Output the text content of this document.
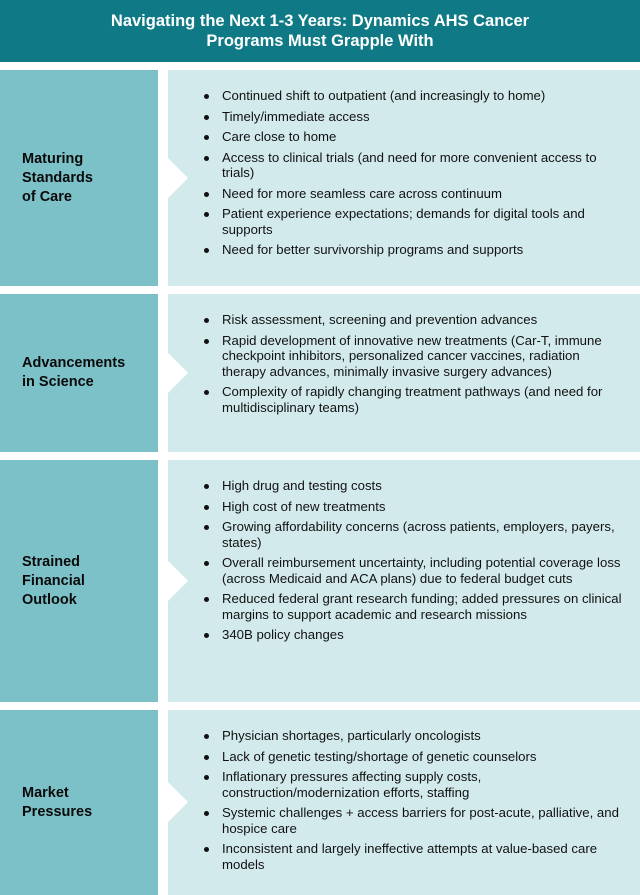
Navigating the Next 1-3 Years: Dynamics AHS Cancer
Programs Must Grapple With
Maturing
Standards
of Care
Continued shift to outpatient (and increasingly to home)
Timely/immediate access
Care close to home
Access to clinical trials (and need for more convenient access to trials)
Need for more seamless care across continuum
Patient experience expectations; demands for digital tools and supports
Need for better survivorship programs and supports
Advancements
in Science
Risk assessment, screening and prevention advances
Rapid development of innovative new treatments (Car-T, immune checkpoint inhibitors, personalized cancer vaccines, radiation therapy advances, minimally invasive surgery advances)
Complexity of rapidly changing treatment pathways (and need for multidisciplinary teams)
Strained
Financial
Outlook
High drug and testing costs
High cost of new treatments
Growing affordability concerns (across patients, employers, payers, states)
Overall reimbursement uncertainty, including potential coverage loss (across Medicaid and ACA plans) due to federal budget cuts
Reduced federal grant research funding; added pressures on clinical margins to support academic and research missions
340B policy changes
Market
Pressures
Physician shortages, particularly oncologists
Lack of genetic testing/shortage of genetic counselors
Inflationary pressures affecting supply costs, construction/modernization efforts, staffing
Systemic challenges + access barriers for post-acute, palliative, and hospice care
Inconsistent and largely ineffective attempts at value-based care models
